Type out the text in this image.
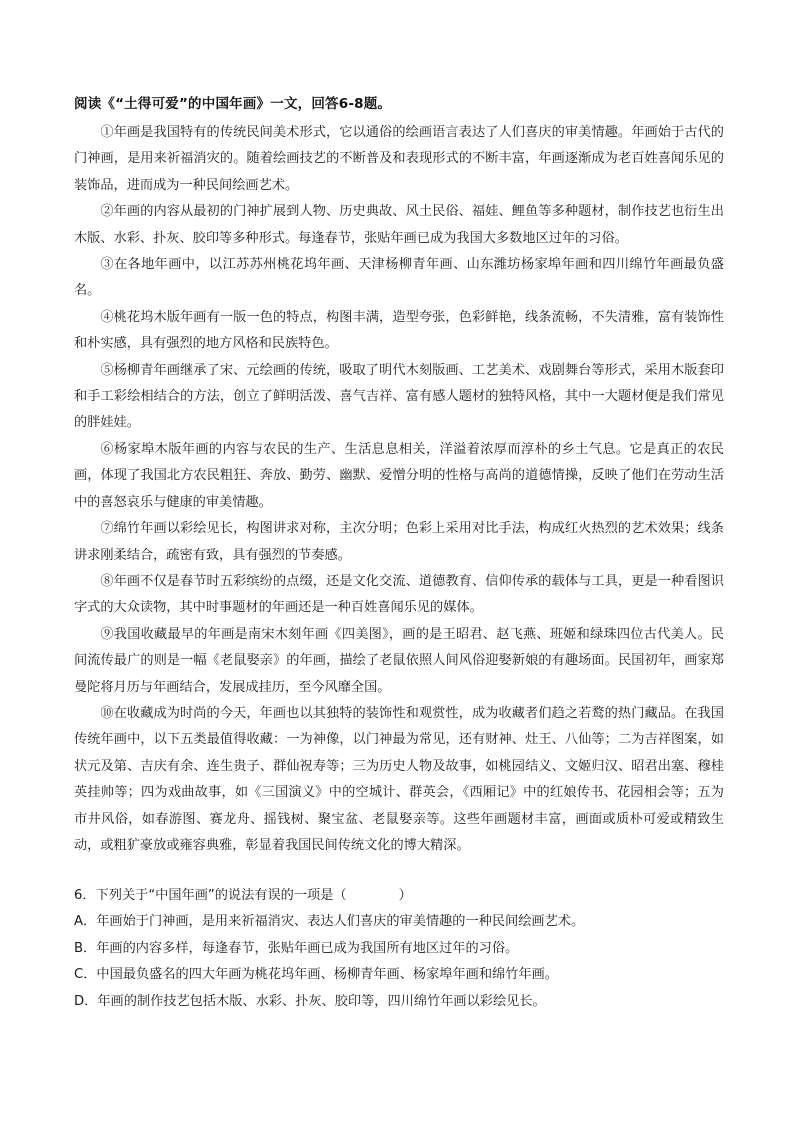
阅读《“土得可爱”的中国年画》一文，回答6-8题。

①年画是我国特有的传统民间美术形式，它以通俗的绘画语言表达了人们喜庆的审美情趣。年画始于古代的门神画，是用来祈福消灾的。随着绘画技艺的不断普及和表现形式的不断丰富，年画逐渐成为老百姓喜闻乐见的装饰品，进而成为一种民间绘画艺术。

②年画的内容从最初的门神扩展到人物、历史典故、风土民俗、福娃、鲤鱼等多种题材，制作技艺也衍生出木版、水彩、扑灰、胶印等多种形式。每逢春节，张贴年画已成为我国大多数地区过年的习俗。

③在各地年画中，以江苏苏州桃花坞年画、天津杨柳青年画、山东潍坊杨家埠年画和四川绵竹年画最负盛名。

④桃花坞木版年画有一版一色的特点，构图丰满，造型夸张，色彩鲜艳，线条流畅，不失清雅，富有装饰性和朴实感，具有强烈的地方风格和民族特色。

⑤杨柳青年画继承了宋、元绘画的传统，吸取了明代木刻版画、工艺美术、戏剧舞台等形式，采用木版套印和手工彩绘相结合的方法，创立了鲜明活泼、喜气吉祥、富有感人题材的独特风格，其中一大题材便是我们常见的胖娃娃。

⑥杨家埠木版年画的内容与农民的生产、生活息息相关，洋溢着浓厚而淳朴的乡土气息。它是真正的农民画，体现了我国北方农民粗狂、奔放、勤劳、幽默、爱憎分明的性格与高尚的道德情操，反映了他们在劳动生活中的喜怒哀乐与健康的审美情趣。

⑦绵竹年画以彩绘见长，构图讲求对称，主次分明；色彩上采用对比手法，构成红火热烈的艺术效果；线条讲求刚柔结合，疏密有致，具有强烈的节奏感。

⑧年画不仅是春节时五彩缤纷的点缀，还是文化交流、道德教育、信仰传承的载体与工具，更是一种看图识字式的大众读物，其中时事题材的年画还是一种百姓喜闻乐见的媒体。

⑨我国收藏最早的年画是南宋木刻年画《四美图》，画的是王昭君、赵飞燕、班姬和绿珠四位古代美人。民间流传最广的则是一幅《老鼠娶亲》的年画，描绘了老鼠依照人间风俗迎娶新娘的有趣场面。民国初年，画家郑曼陀将月历与年画结合，发展成挂历，至今风靡全国。

⑩在收藏成为时尚的今天，年画也以其独特的装饰性和观赏性，成为收藏者们趋之若鹜的热门藏品。在我国传统年画中，以下五类最值得收藏：一为神像，以门神最为常见，还有财神、灶王、八仙等；二为吉祥图案，如状元及第、吉庆有余、连生贵子、群仙祝寿等；三为历史人物及故事，如桃园结义、文姬归汉、昭君出塞、穆桂英挂帅等；四为戏曲故事，如《三国演义》中的空城计、群英会，《西厢记》中的红娘传书、花园相会等；五为市井风俗，如春游图、赛龙舟、摇钱树、聚宝盆、老鼠娶亲等。这些年画题材丰富，画面或质朴可爱或精致生动，或粗犷豪放或雍容典雅，彰显着我国民间传统文化的博大精深。

6．下列关于“中国年画”的说法有误的一项是（	）
A．年画始于门神画，是用来祈福消灾、表达人们喜庆的审美情趣的一种民间绘画艺术。
B．年画的内容多样，每逢春节，张贴年画已成为我国所有地区过年的习俗。
C．中国最负盛名的四大年画为桃花坞年画、杨柳青年画、杨家埠年画和绵竹年画。
D．年画的制作技艺包括木版、水彩、扑灰、胶印等，四川绵竹年画以彩绘见长。
